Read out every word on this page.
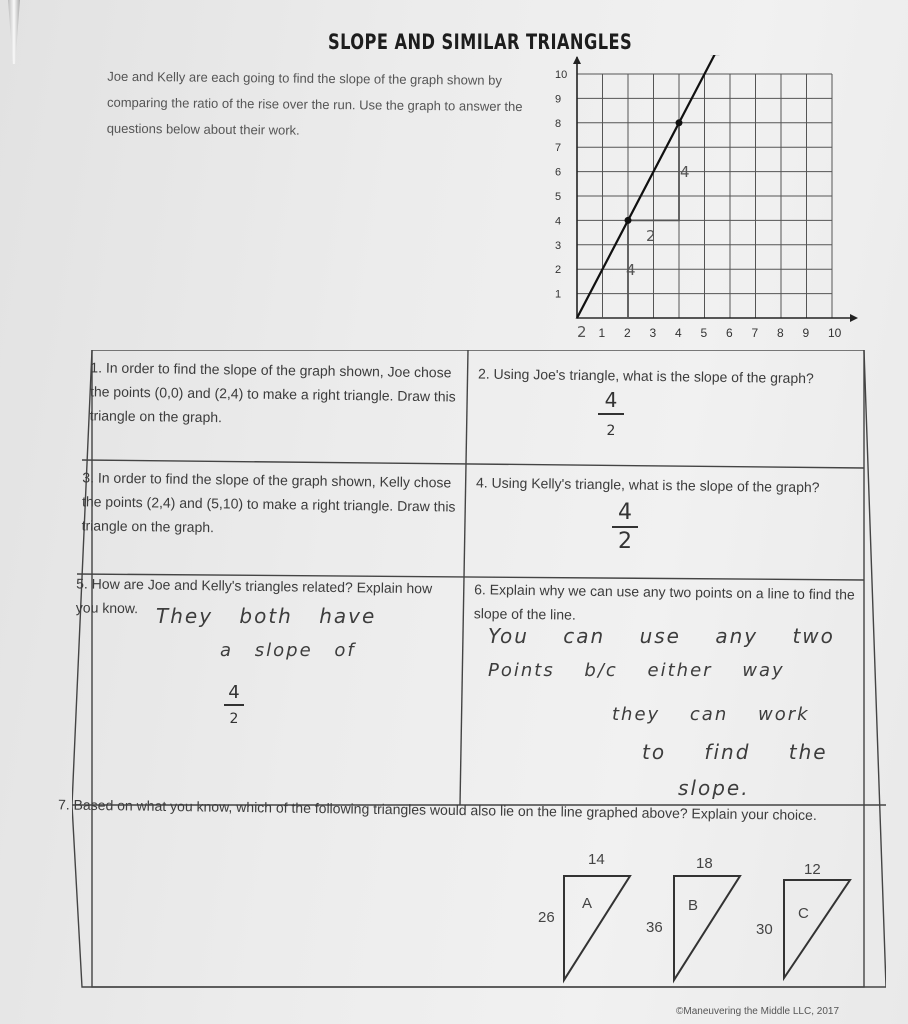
SLOPE AND SIMILAR TRIANGLES
Joe and Kelly are each going to find the slope of the graph shown by comparing the ratio of the rise over the run. Use the graph to answer the questions below about their work.
1 2 3 4 5 6 7 8 9 10
1
2
3
4
5
6
7
8
9
10
4
2
4
2
1. In order to find the slope of the graph shown, Joe chose the points (0,0) and (2,4) to make a right triangle. Draw this triangle on the graph.
2. Using Joe's triangle, what is the slope of the graph?
3. In order to find the slope of the graph shown, Kelly chose the points (2,4) and (5,10) to make a right triangle. Draw this triangle on the graph.
4. Using Kelly's triangle, what is the slope of the graph?
5. How are Joe and Kelly's triangles related? Explain how you know.
6. Explain why we can use any two points on a line to find the slope of the line.
7. Based on what you know, which of the following triangles would also lie on the line graphed above? Explain your choice.
4
2
4
2
They both have
a slope of
4
2
You can use any two
Points b/c either way
they can work
to find the
slope.
14
26
A
18
36
B
12
30
C
©Maneuvering the Middle LLC, 2017
